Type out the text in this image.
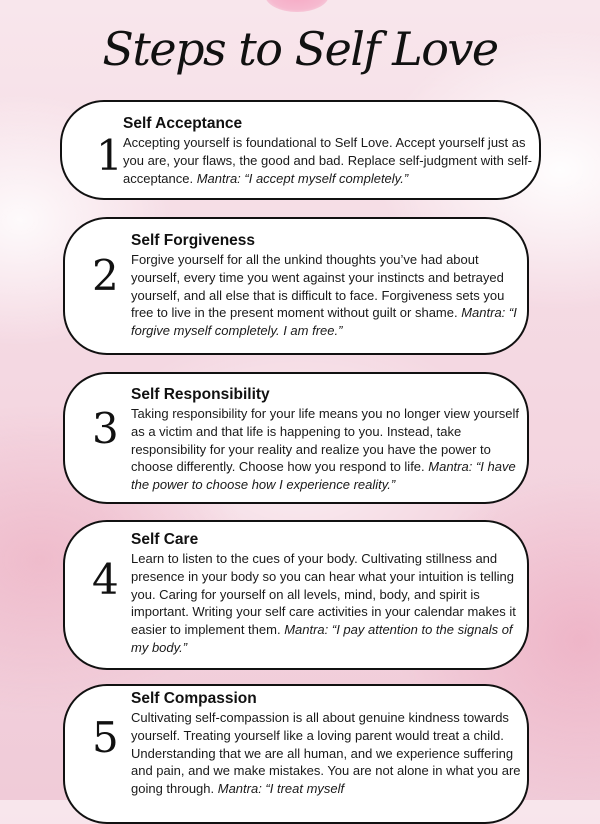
Steps to Self Love
1
Self Acceptance

Accepting yourself is foundational to Self Love. Accept yourself just as you are, your flaws, the good and bad. Replace self-judgment with self-acceptance. Mantra: “I accept myself completely.”

2
Self Forgiveness

Forgive yourself for all the unkind thoughts you’ve had about yourself, every time you went against your instincts and betrayed yourself, and all else that is difficult to face. Forgiveness sets you free to live in the present moment without guilt or shame. Mantra: “I forgive myself completely. I am free.”

3
Self Responsibility

Taking responsibility for your life means you no longer view yourself as a victim and that life is happening to you. Instead, take responsibility for your reality and realize you have the power to choose differently. Choose how you respond to life. Mantra: “I have the power to choose how I experience reality.”

4
Self Care

Learn to listen to the cues of your body. Cultivating stillness and presence in your body so you can hear what your intuition is telling you. Caring for yourself on all levels, mind, body, and spirit is important. Writing your self care activities in your calendar makes it easier to implement them. Mantra: “I pay attention to the signals of my body.”

5
Self Compassion

Cultivating self-compassion is all about genuine kindness towards yourself. Treating yourself like a loving parent would treat a child. Understanding that we are all human, and we experience suffering and pain, and we make mistakes. You are not alone in what you are going through. Mantra: “I treat myself
